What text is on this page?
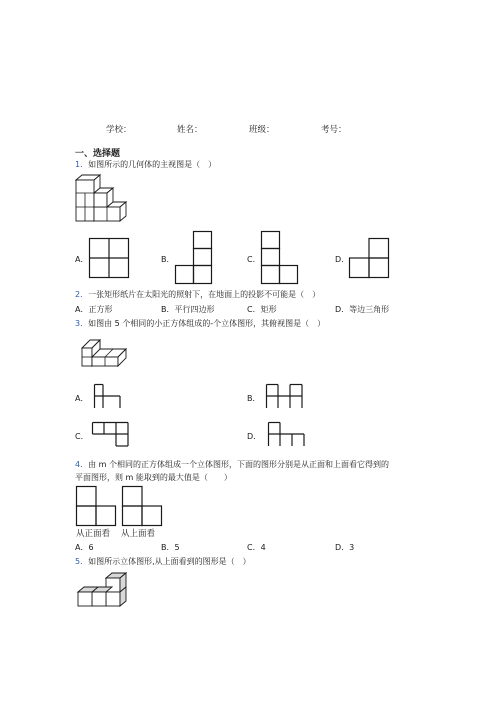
学校：	姓名：	班级：	考号：
一、选择题
1．如图所示的几何体的主视图是（　）
A．	B．	C．	D．
2．一张矩形纸片在太阳光的照射下，在地面上的投影不可能是（　）
A．正方形	B．平行四边形	C．矩形	D．等边三角形
3．如图由 5 个相同的小正方体组成的-个立体图形，其俯视图是（　）
A．	B．
C．	D．
4．由 m 个相同的正方体组成一个立体图形，下面的图形分别是从正面和上面看它得到的
平面图形，则 m 能取到的最大值是（　　）
从正面看 从上面看
A．6	B．5	C．4	D．3
5．如图所示立体图形,从上面看到的图形是（　）
